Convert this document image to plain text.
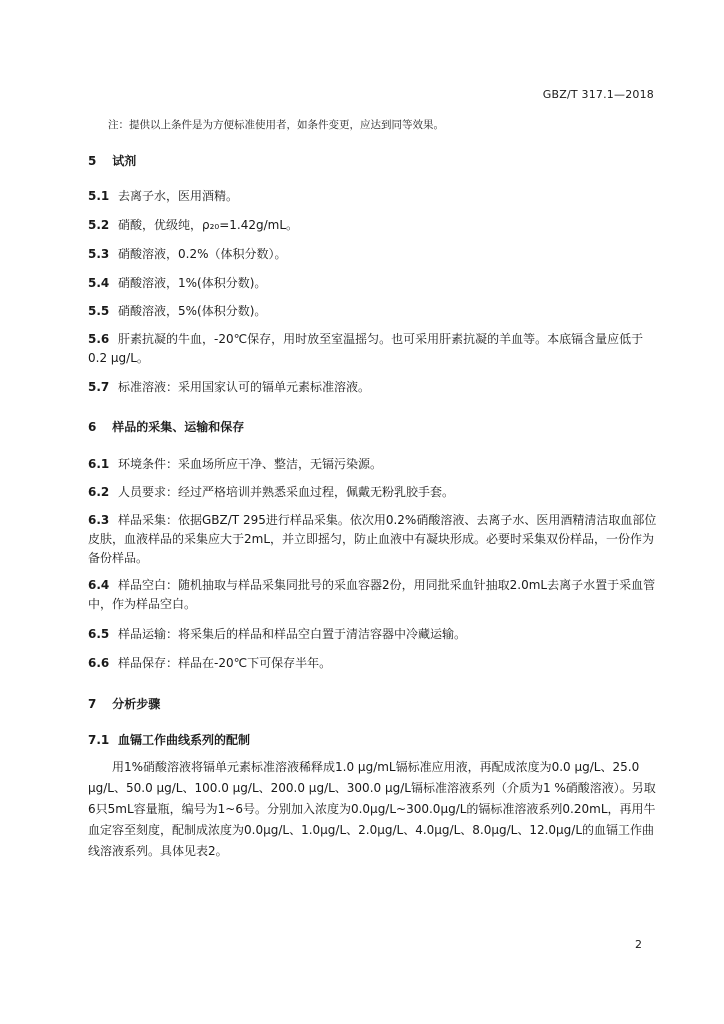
GBZ/T 317.1—2018
注：提供以上条件是为方便标准使用者，如条件变更，应达到同等效果。
5 试剂
5.1 去离子水，医用酒精。
5.2 硝酸，优级纯，ρ₂₀=1.42g/mL。
5.3 硝酸溶液，0.2%（体积分数）。
5.4 硝酸溶液，1%(体积分数)。
5.5 硝酸溶液，5%(体积分数)。
5.6 肝素抗凝的牛血，-20℃保存，用时放至室温摇匀。也可采用肝素抗凝的羊血等。本底镉含量应低于0.2 μg/L。
5.7 标准溶液：采用国家认可的镉单元素标准溶液。
6 样品的采集、运输和保存
6.1 环境条件：采血场所应干净、整洁，无镉污染源。
6.2 人员要求：经过严格培训并熟悉采血过程，佩戴无粉乳胶手套。
6.3 样品采集：依据GBZ/T 295进行样品采集。依次用0.2%硝酸溶液、去离子水、医用酒精清洁取血部位皮肤，血液样品的采集应大于2mL，并立即摇匀，防止血液中有凝块形成。必要时采集双份样品，一份作为备份样品。
6.4 样品空白：随机抽取与样品采集同批号的采血容器2份，用同批采血针抽取2.0mL去离子水置于采血管中，作为样品空白。
6.5 样品运输：将采集后的样品和样品空白置于清洁容器中冷藏运输。
6.6 样品保存：样品在-20℃下可保存半年。
7 分析步骤
7.1 血镉工作曲线系列的配制
用1%硝酸溶液将镉单元素标准溶液稀释成1.0 μg/mL镉标准应用液，再配成浓度为0.0 μg/L、25.0 μg/L、50.0 μg/L、100.0 μg/L、200.0 μg/L、300.0 μg/L镉标准溶液系列（介质为1 %硝酸溶液）。另取6只5mL容量瓶，编号为1~6号。分别加入浓度为0.0μg/L~300.0μg/L的镉标准溶液系列0.20mL，再用牛血定容至刻度，配制成浓度为0.0μg/L、1.0μg/L、2.0μg/L、4.0μg/L、8.0μg/L、12.0μg/L的血镉工作曲线溶液系列。具体见表2。
2
